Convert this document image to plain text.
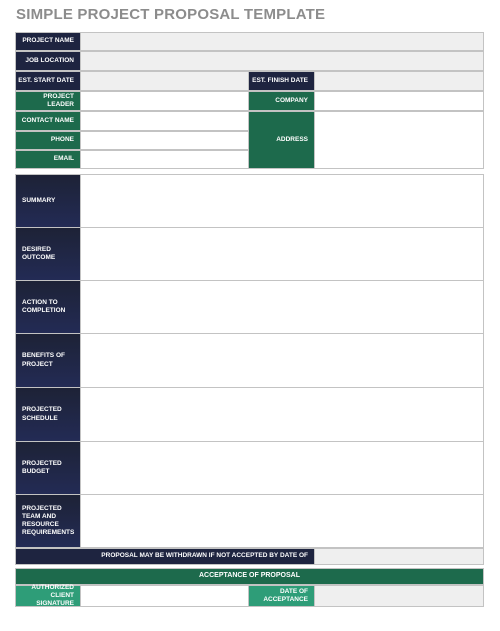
SIMPLE PROJECT PROPOSAL TEMPLATE
PROJECT NAME
JOB LOCATION
EST. START DATE	EST. FINISH DATE
PROJECT LEADER
COMPANY
CONTACT NAME
ADDRESS
PHONE
EMAIL
SUMMARY
DESIRED OUTCOME
ACTION TO COMPLETION
BENEFITS OF PROJECT
PROJECTED SCHEDULE
PROJECTED BUDGET
PROJECTED TEAM AND RESOURCE REQUIREMENTS
PROPOSAL MAY BE WITHDRAWN IF NOT ACCEPTED BY DATE OF
ACCEPTANCE OF PROPOSAL
AUTHORIZED CLIENT SIGNATURE
DATE OF ACCEPTANCE
